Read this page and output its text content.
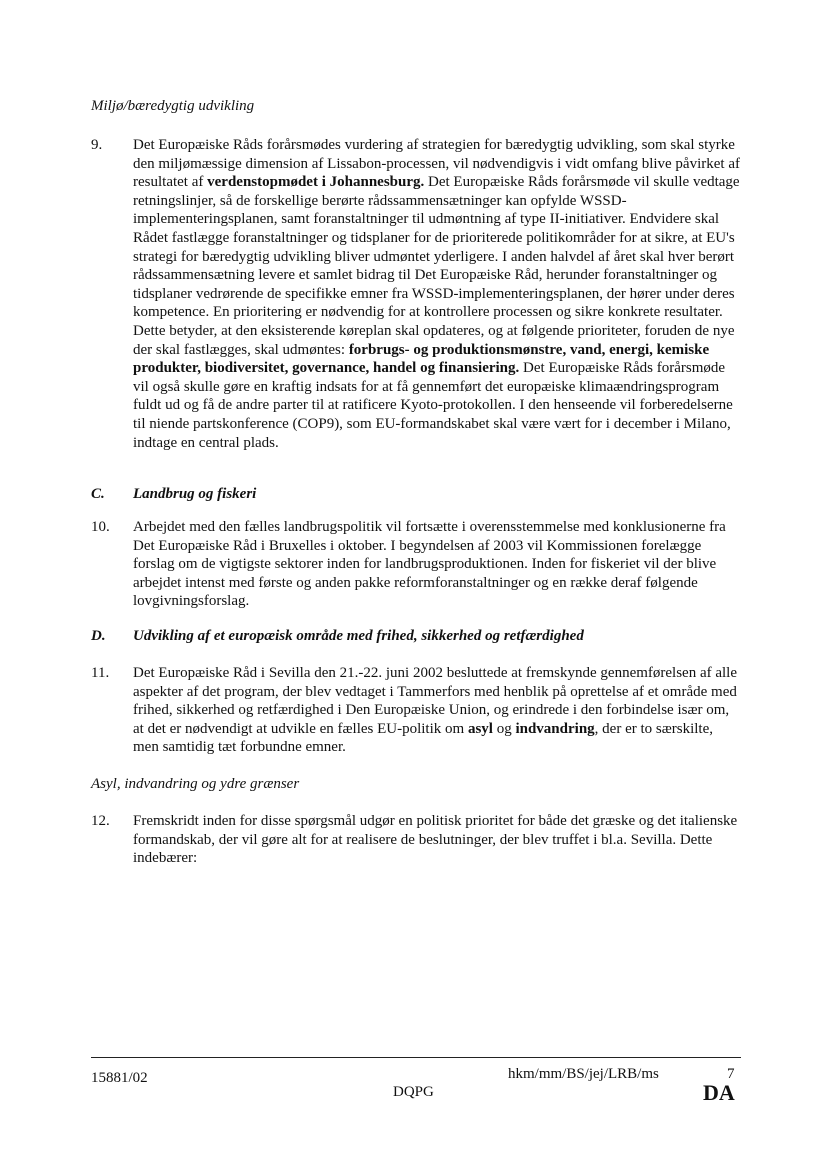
Miljø/bæredygtig udvikling
9.	Det Europæiske Råds forårsmødes vurdering af strategien for bæredygtig udvikling, som skal styrke den miljømæssige dimension af Lissabon-processen, vil nødvendigvis i vidt omfang blive påvirket af resultatet af verdenstopmødet i Johannesburg. Det Europæiske Råds forårsmøde vil skulle vedtage retningslinjer, så de forskellige berørte rådssammensætninger kan opfylde WSSD-implementeringsplanen, samt foranstaltninger til udmøntning af type II-initiativer. Endvidere skal Rådet fastlægge foranstaltninger og tidsplaner for de prioriterede politikområder for at sikre, at EU's strategi for bæredygtig udvikling bliver udmøntet yderligere. I anden halvdel af året skal hver berørt rådssammensætning levere et samlet bidrag til Det Europæiske Råd, herunder foranstaltninger og tidsplaner vedrørende de specifikke emner fra WSSD-implementeringsplanen, der hører under deres kompetence. En prioritering er nødvendig for at kontrollere processen og sikre konkrete resultater. Dette betyder, at den eksisterende køreplan skal opdateres, og at følgende prioriteter, foruden de nye der skal fastlægges, skal udmøntes: forbrugs- og produktionsmønstre, vand, energi, kemiske produkter, biodiversitet, governance, handel og finansiering. Det Europæiske Råds forårsmøde vil også skulle gøre en kraftig indsats for at få gennemført det europæiske klimaændringsprogram fuldt ud og få de andre parter til at ratificere Kyoto-protokollen. I den henseende vil forberedelserne til niende partskonference (COP9), som EU-formandskabet skal være vært for i december i Milano, indtage en central plads.
C.	Landbrug og fiskeri
10.	Arbejdet med den fælles landbrugspolitik vil fortsætte i overensstemmelse med konklusionerne fra Det Europæiske Råd i Bruxelles i oktober. I begyndelsen af 2003 vil Kommissionen forelægge forslag om de vigtigste sektorer inden for landbrugsproduktionen. Inden for fiskeriet vil der blive arbejdet intenst med første og anden pakke reformforanstaltninger og en række deraf følgende lovgivningsforslag.
D.	Udvikling af et europæisk område med frihed, sikkerhed og retfærdighed
11.	Det Europæiske Råd i Sevilla den 21.-22. juni 2002 besluttede at fremskynde gennemførelsen af alle aspekter af det program, der blev vedtaget i Tammerfors med henblik på oprettelse af et område med frihed, sikkerhed og retfærdighed i Den Europæiske Union, og erindrede i den forbindelse især om, at det er nødvendigt at udvikle en fælles EU-politik om asyl og indvandring, der er to særskilte, men samtidig tæt forbundne emner.
Asyl, indvandring og ydre grænser
12.	Fremskridt inden for disse spørgsmål udgør en politisk prioritet for både det græske og det italienske formandskab, der vil gøre alt for at realisere de beslutninger, der blev truffet i bl.a. Sevilla. Dette indebærer:
15881/02	hkm/mm/BS/jej/LRB/ms	7
DQPG	DA
